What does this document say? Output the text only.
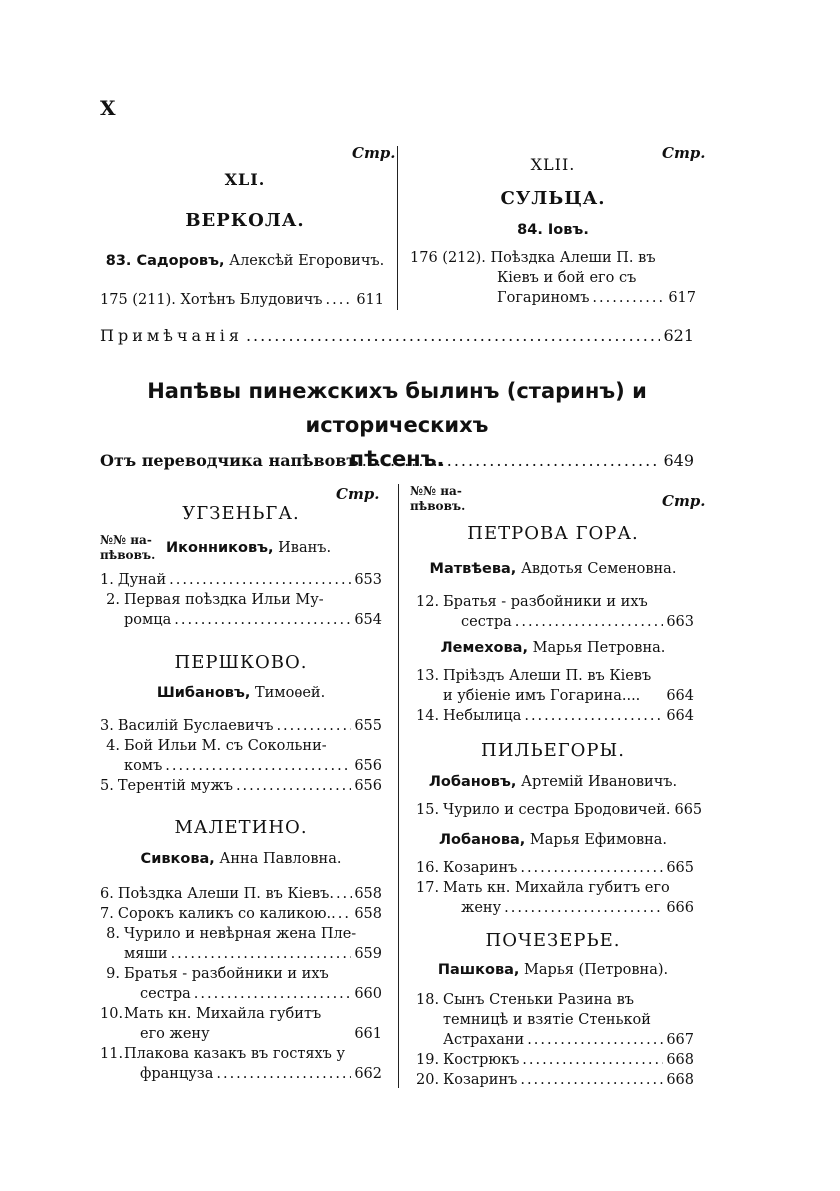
X
Стр.	Стр.
XLI.
ВЕРКОЛА.
83. Садоровъ, Алексѣй Егоровичъ.
175 (211). Хотѣнъ Блудовичъ ..... 611
XLII.
СУЛЬЦА.
84. Іовъ.
176 (212). Поѣздка Алеши П. въ
Кіевъ и бой его съ
Гогариномъ .....	617
Примѣчанія .....	621
Напѣвы пинежскихъ былинъ (старинъ) и историческихъ
пѣсенъ.
Отъ переводчика напѣвовъ .....	649
Стр.
УГЗЕНЬГА.
№№ на-
пѣвовъ. Иконниковъ, Иванъ.
1. Дунай .....	653
2. Первая поѣздка Ильи Му-
ромца .....	654
ПЕРШКОВО.
Шибановъ, Тимоѳей.
3. Василій Буслаевичъ .....	655
4. Бой Ильи М. съ Сокольни-
комъ .....	656
5. Терентій мужъ .....	656
МАЛЕТИНО.
Сивкова, Анна Павловна.
6. Поѣздка Алеши П. въ Кіевъ. ..... 658
7. Сорокъ каликъ со каликою.. ..... 658
8. Чурило и невѣрная жена Пле-
мяши .....	659
9. Братья - разбойники и ихъ
сестра .....	660
10. Мать кн. Михайла губитъ
его жену	661
11. Плакова казакъ въ гостяхъ у
француза .....	662
№№ на-
пѣвовъ.	Стр.
ПЕТРОВА ГОРА.
Матвѣева, Авдотья Семеновна.
12. Братья - разбойники и ихъ
сестра .....	663
Лемехова, Марья Петровна.
13. Пріѣздъ Алеши П. въ Кіевъ
и убіеніе имъ Гогарина.... 664
14. Небылица .....	664
ПИЛЬЕГОРЫ.
Лобановъ, Артемій Ивановичъ.
15. Чурило и сестра Бродовичей. 665
Лобанова, Марья Ефимовна.
16. Козаринъ .....	665
17. Мать кн. Михайла губитъ его
жену .....	666
ПОЧЕЗЕРЬЕ.
Пашкова, Марья (Петровна).
18. Сынъ Стеньки Разина въ
темницѣ и взятіе Стенькой
Астрахани .....	667
19. Кострюкъ .....	668
20. Козаринъ .....	668
